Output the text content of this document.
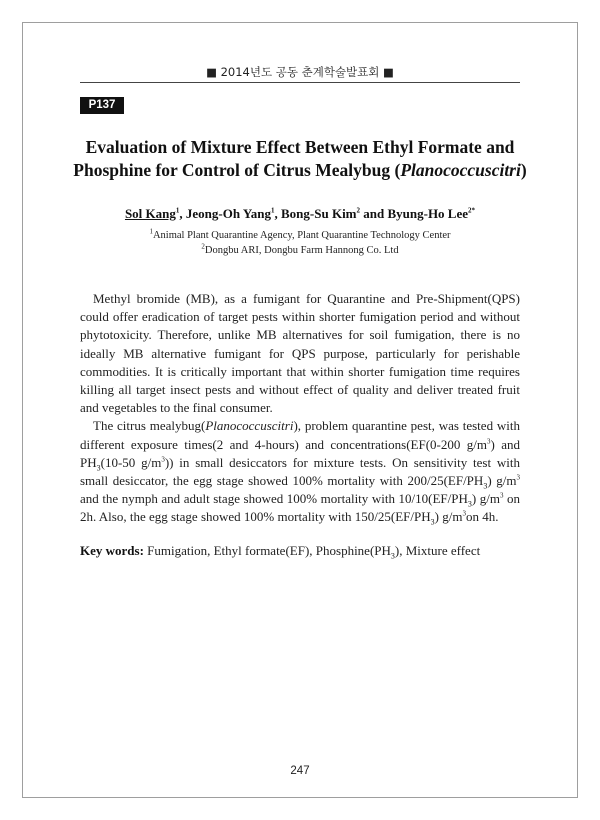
■ 2014년도 공동 춘계학술발표회 ■
P137
Evaluation of Mixture Effect Between Ethyl Formate and
Phosphine for Control of Citrus Mealybug (Planococcuscitri)
Sol Kang$^1$, Jeong-Oh Yang$^1$, Bong-Su Kim$^2$ and Byung-Ho Lee$^{2*}$
$^1$Animal Plant Quarantine Agency, Plant Quarantine Technology Center
$^2$Dongbu ARI, Dongbu Farm Hannong Co. Ltd

Methyl bromide (MB), as a fumigant for Quarantine and Pre-Shipment(QPS) could offer eradication of target pests within shorter fumigation period and without phytotoxicity. Therefore, unlike MB alternatives for soil fumigation, there is no ideally MB alternative fumigant for QPS purpose, particularly for perishable commodities. It is critically important that within shorter fumigation time requires killing all target insect pests and without effect of quality and deliver treated fruit and vegetables to the final consumer.

The citrus mealybug(Planococcuscitri), problem quarantine pest, was tested with different exposure times(2 and 4-hours) and concentrations(EF(0-200 $g/m^3$) and $PH_3(10-50$ $g/m^3$)) in small desiccators for mixture tests. On sensitivity test with small desiccator, the egg stage showed 100% mortality with $200/25(EF/PH_3)$ $g/m^3$ and the nymph and adult stage showed 100% mortality with $10/10(EF/PH_3)$ $g/m^3$ on 2h. Also, the egg stage showed 100% mortality with $150/25(EF/PH_3)$ $g/m^3on$ 4h.

Key words: Fumigation, Ethyl formate(EF), $Phosphine(PH_3)$, Mixture effect
247
